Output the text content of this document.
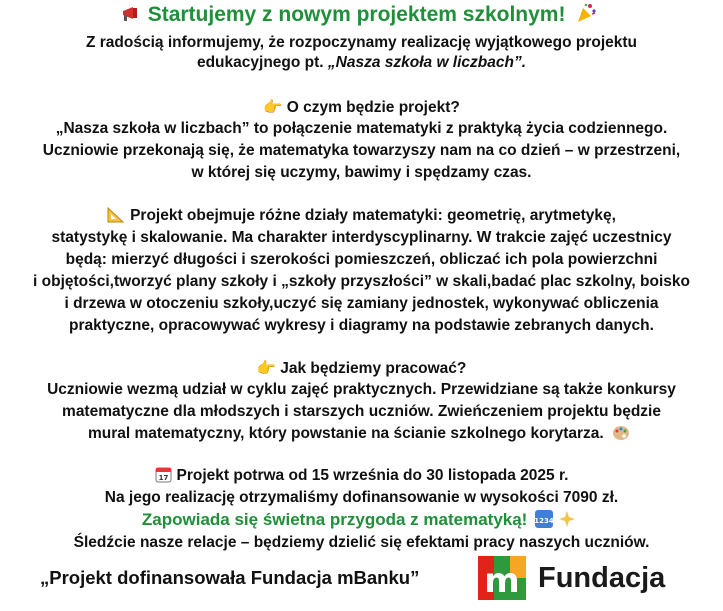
Startujemy z nowym projektem szkolnym!
Z radością informujemy, że rozpoczynamy realizację wyjątkowego projektu
edukacyjnego pt. „Nasza szkoła w liczbach”.
👉 O czym będzie projekt?
„Nasza szkoła w liczbach” to połączenie matematyki z praktyką życia codziennego.
Uczniowie przekonają się, że matematyka towarzyszy nam na co dzień – w przestrzeni,
w której się uczymy, bawimy i spędzamy czas.
Projekt obejmuje różne działy matematyki: geometrię, arytmetykę,
statystykę i skalowanie. Ma charakter interdyscyplinarny. W trakcie zajęć uczestnicy
będą: mierzyć długości i szerokości pomieszczeń, obliczać ich pola powierzchni
i objętości,tworzyć plany szkoły i „szkoły przyszłości” w skali,badać plac szkolny, boisko
i drzewa w otoczeniu szkoły,uczyć się zamiany jednostek, wykonywać obliczenia
praktyczne, opracowywać wykresy i diagramy na podstawie zebranych danych.
👉 Jak będziemy pracować?
Uczniowie wezmą udział w cyklu zajęć praktycznych. Przewidziane są także konkursy
matematyczne dla młodszych i starszych uczniów. Zwieńczeniem projektu będzie
mural matematyczny, który powstanie na ścianie szkolnego korytarza.
17 Projekt potrwa od 15 września do 30 listopada 2025 r.
Na jego realizację otrzymaliśmy dofinansowanie w wysokości 7090 zł.
Zapowiada się świetna przygoda z matematyką! 1234
Śledźcie nasze relacje – będziemy dzielić się efektami pracy naszych uczniów.
„Projekt dofinansowała Fundacja mBanku” m Fundacja
